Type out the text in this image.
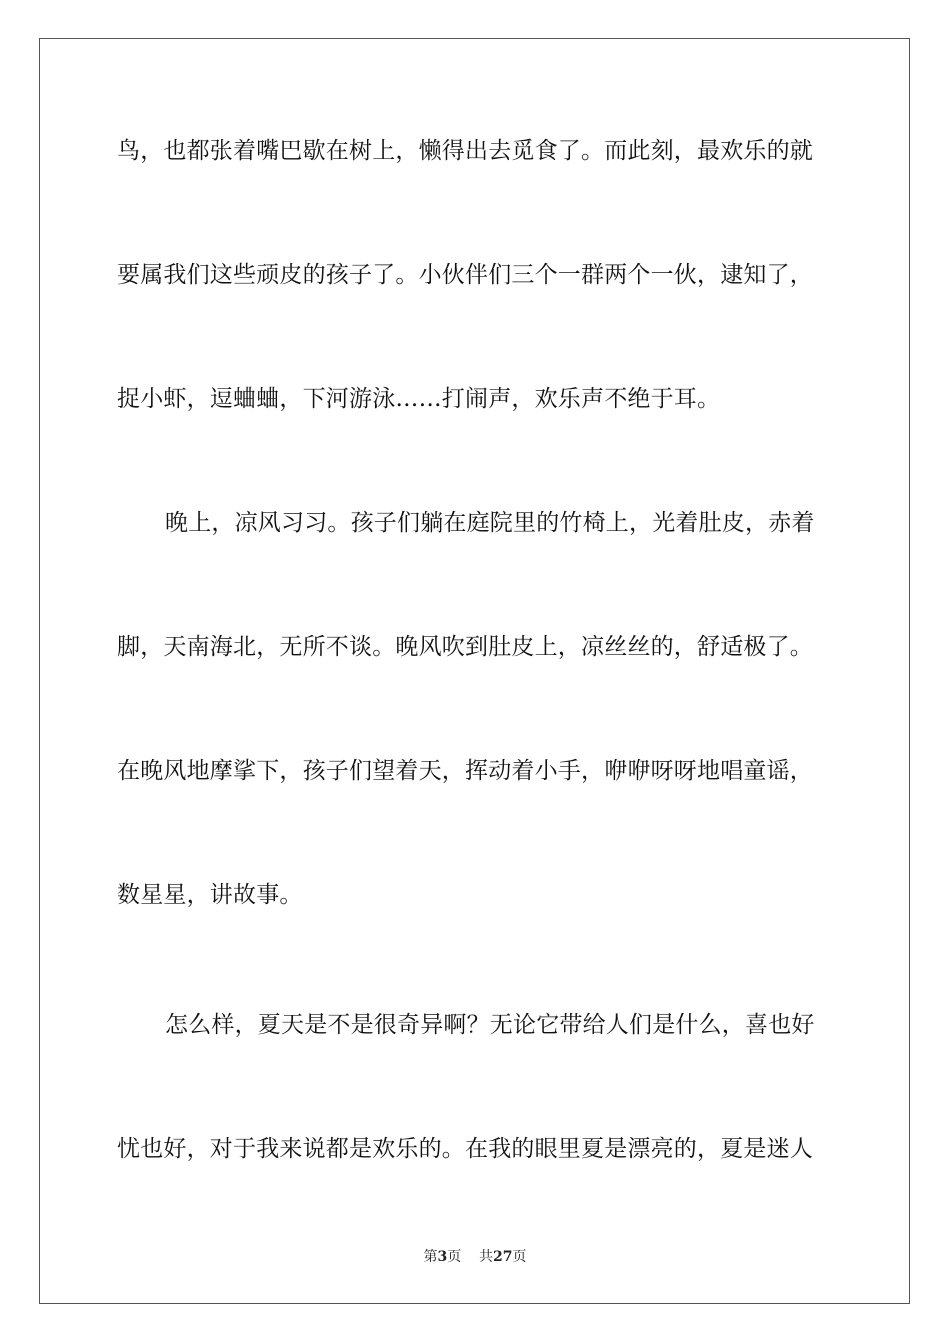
鸟，也都张着嘴巴歇在树上，懒得出去觅食了。而此刻，最欢乐的就
要属我们这些顽皮的孩子了。小伙伴们三个一群两个一伙，逮知了，
捉小虾，逗蛐蛐，下河游泳……打闹声，欢乐声不绝于耳。
晚上，凉风习习。孩子们躺在庭院里的竹椅上，光着肚皮，赤着
脚，天南海北，无所不谈。晚风吹到肚皮上，凉丝丝的，舒适极了。
在晚风地摩挲下，孩子们望着天，挥动着小手，咿咿呀呀地唱童谣，
数星星，讲故事。
怎么样，夏天是不是很奇异啊？无论它带给人们是什么，喜也好
忧也好，对于我来说都是欢乐的。在我的眼里夏是漂亮的，夏是迷人
第3页 共27页
